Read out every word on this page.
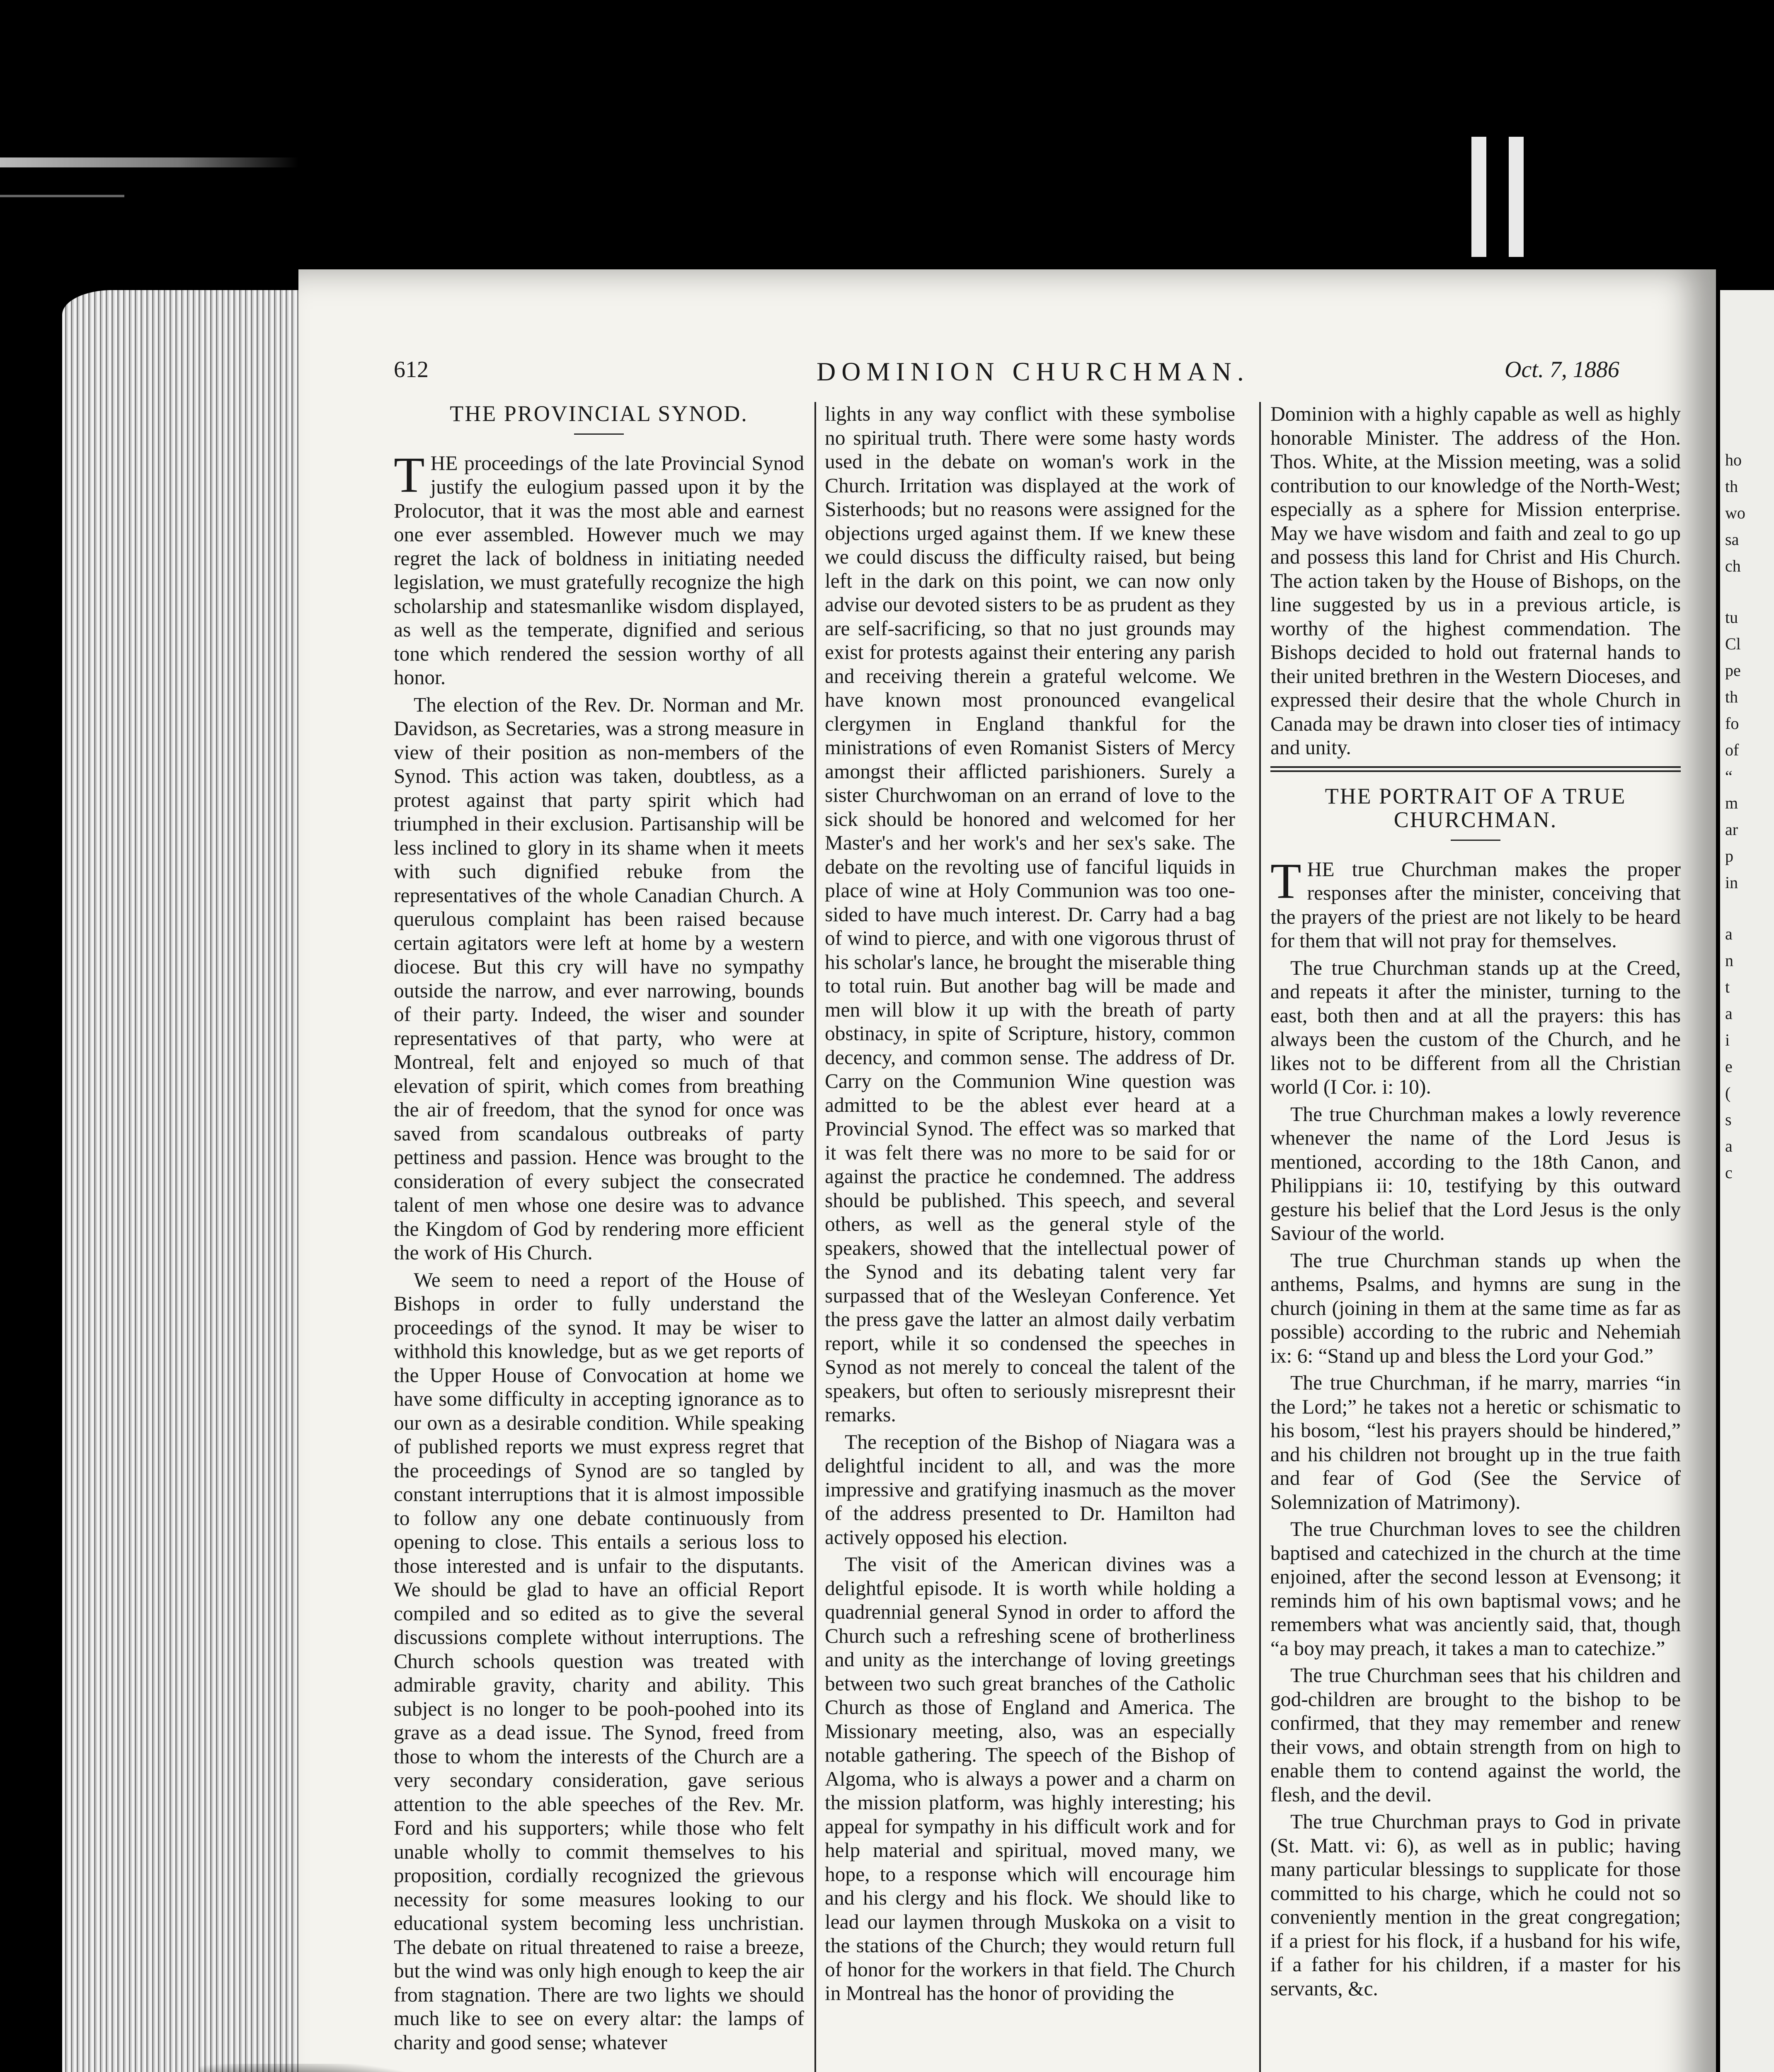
612	DOMINION CHURCHMAN.	Oct. 7, 1886
THE PROVINCIAL SYNOD.

THE proceedings of the late Provincial Synod justify the eulogium passed upon it by the Prolocutor, that it was the most able and earnest one ever assembled. However much we may regret the lack of boldness in initiating needed legislation, we must gratefully recognize the high scholarship and statesmanlike wisdom displayed, as well as the temperate, dignified and serious tone which rendered the session worthy of all honor.

The election of the Rev. Dr. Norman and Mr. Davidson, as Secretaries, was a strong measure in view of their position as non-members of the Synod. This action was taken, doubtless, as a protest against that party spirit which had triumphed in their exclusion. Partisanship will be less inclined to glory in its shame when it meets with such dignified rebuke from the representatives of the whole Canadian Church. A querulous complaint has been raised because certain agitators were left at home by a western diocese. But this cry will have no sympathy outside the narrow, and ever narrowing, bounds of their party. Indeed, the wiser and sounder representatives of that party, who were at Montreal, felt and enjoyed so much of that elevation of spirit, which comes from breathing the air of freedom, that the synod for once was saved from scandalous outbreaks of party pettiness and passion. Hence was brought to the consideration of every subject the consecrated talent of men whose one desire was to advance the Kingdom of God by rendering more efficient the work of His Church.

We seem to need a report of the House of Bishops in order to fully understand the proceedings of the synod. It may be wiser to withhold this knowledge, but as we get reports of the Upper House of Convocation at home we have some difficulty in accepting ignorance as to our own as a desirable condition. While speaking of published reports we must express regret that the proceedings of Synod are so tangled by constant interruptions that it is almost impossible to follow any one debate continuously from opening to close. This entails a serious loss to those interested and is unfair to the disputants. We should be glad to have an official Report compiled and so edited as to give the several discussions complete without interruptions. The Church schools question was treated with admirable gravity, charity and ability. This subject is no longer to be pooh-poohed into its grave as a dead issue. The Synod, freed from those to whom the interests of the Church are a very secondary consideration, gave serious attention to the able speeches of the Rev. Mr. Ford and his supporters; while those who felt unable wholly to commit themselves to his proposition, cordially recognized the grievous necessity for some measures looking to our educational system becoming less unchristian. The debate on ritual threatened to raise a breeze, but the wind was only high enough to keep the air from stagnation. There are two lights we should much like to see on every altar: the lamps of charity and good sense; whatever

lights in any way conflict with these symbolise no spiritual truth. There were some hasty words used in the debate on woman's work in the Church. Irritation was displayed at the work of Sisterhoods; but no reasons were assigned for the objections urged against them. If we knew these we could discuss the difficulty raised, but being left in the dark on this point, we can now only advise our devoted sisters to be as prudent as they are self-sacrificing, so that no just grounds may exist for protests against their entering any parish and receiving therein a grateful welcome. We have known most pronounced evangelical clergymen in England thankful for the ministrations of even Romanist Sisters of Mercy amongst their afflicted parishioners. Surely a sister Churchwoman on an errand of love to the sick should be honored and welcomed for her Master's and her work's and her sex's sake. The debate on the revolting use of fanciful liquids in place of wine at Holy Communion was too one-sided to have much interest. Dr. Carry had a bag of wind to pierce, and with one vigorous thrust of his scholar's lance, he brought the miserable thing to total ruin. But another bag will be made and men will blow it up with the breath of party obstinacy, in spite of Scripture, history, common decency, and common sense. The address of Dr. Carry on the Communion Wine question was admitted to be the ablest ever heard at a Provincial Synod. The effect was so marked that it was felt there was no more to be said for or against the practice he condemned. The address should be published. This speech, and several others, as well as the general style of the speakers, showed that the intellectual power of the Synod and its debating talent very far surpassed that of the Wesleyan Conference. Yet the press gave the latter an almost daily verbatim report, while it so condensed the speeches in Synod as not merely to conceal the talent of the speakers, but often to seriously misrepresnt their remarks.

The reception of the Bishop of Niagara was a delightful incident to all, and was the more impressive and gratifying inasmuch as the mover of the address presented to Dr. Hamilton had actively opposed his election.

The visit of the American divines was a delightful episode. It is worth while holding a quadrennial general Synod in order to afford the Church such a refreshing scene of brotherliness and unity as the interchange of loving greetings between two such great branches of the Catholic Church as those of England and America. The Missionary meeting, also, was an especially notable gathering. The speech of the Bishop of Algoma, who is always a power and a charm on the mission platform, was highly interesting; his appeal for sympathy in his difficult work and for help material and spiritual, moved many, we hope, to a response which will encourage him and his clergy and his flock. We should like to lead our laymen through Muskoka on a visit to the stations of the Church; they would return full of honor for the workers in that field. The Church in Montreal has the honor of providing the

Dominion with a highly capable as well as highly honorable Minister. The address of the Hon. Thos. White, at the Mission meeting, was a solid contribution to our knowledge of the North-West; especially as a sphere for Mission enterprise. May we have wisdom and faith and zeal to go up and possess this land for Christ and His Church. The action taken by the House of Bishops, on the line suggested by us in a previous article, is worthy of the highest commendation. The Bishops decided to hold out fraternal hands to their united brethren in the Western Dioceses, and expressed their desire that the whole Church in Canada may be drawn into closer ties of intimacy and unity.

THE PORTRAIT OF A TRUE
CHURCHMAN.

THE true Churchman makes the proper responses after the minister, conceiving that the prayers of the priest are not likely to be heard for them that will not pray for themselves.

The true Churchman stands up at the Creed, and repeats it after the minister, turning to the east, both then and at all the prayers: this has always been the custom of the Church, and he likes not to be different from all the Christian world (I Cor. i: 10).

The true Churchman makes a lowly reverence whenever the name of the Lord Jesus is mentioned, according to the 18th Canon, and Philippians ii: 10, testifying by this outward gesture his belief that the Lord Jesus is the only Saviour of the world.

The true Churchman stands up when the anthems, Psalms, and hymns are sung in the church (joining in them at the same time as far as possible) according to the rubric and Nehemiah ix: 6: “Stand up and bless the Lord your God.”

The true Churchman, if he marry, marries “in the Lord;” he takes not a heretic or schismatic to his bosom, “lest his prayers should be hindered,” and his children not brought up in the true faith and fear of God (See the Service of Solemnization of Matrimony).

The true Churchman loves to see the children baptised and catechized in the church at the time enjoined, after the second lesson at Evensong; it reminds him of his own baptismal vows; and he remembers what was anciently said, that, though “a boy may preach, it takes a man to catechize.”

The true Churchman sees that his children and god-children are brought to the bishop to be confirmed, that they may remember and renew their vows, and obtain strength from on high to enable them to contend against the world, the flesh, and the devil.

The true Churchman prays to God in private (St. Matt. vi: 6), as well as in public; having many particular blessings to supplicate for those committed to his charge, which he could not so conveniently mention in the great congregation; if a priest for his flock, if a husband for his wife, if a father for his children, if a master for his servants, &c.

ho
th
wo
sa
ch
tu
Cl
pe
th
fo
of
“
m
ar
p
in
a
n
t
a
i
e
(
s
a
c
